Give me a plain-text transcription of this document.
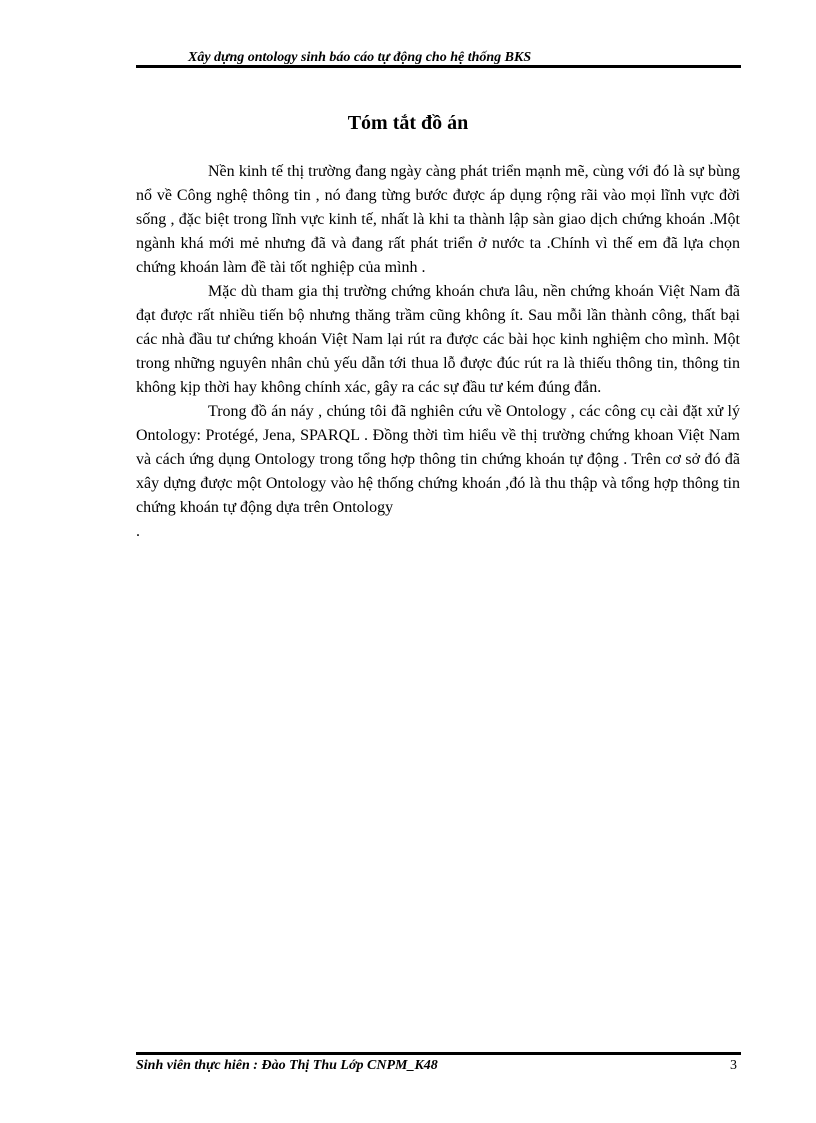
Xây dựng ontology sinh báo cáo tự động cho hệ thống BKS
Tóm tắt đồ án

Nền kinh tế thị trường đang ngày càng phát triển mạnh mẽ, cùng với đó là sự bùng nổ về Công nghệ thông tin , nó đang từng bước được áp dụng rộng rãi vào mọi lĩnh vực đời sống , đặc biệt trong lĩnh vực kinh tế, nhất là khi ta thành lập sàn giao dịch chứng khoán .Một ngành khá mới mẻ nhưng đã và đang rất phát triển ở nước ta .Chính vì thế em đã lựa chọn chứng khoán làm đề tài tốt nghiệp của mình .

Mặc dù tham gia thị trường chứng khoán chưa lâu, nền chứng khoán Việt Nam đã đạt được rất nhiều tiến bộ nhưng thăng trầm cũng không ít. Sau mỗi lần thành công, thất bại các nhà đầu tư chứng khoán Việt Nam lại rút ra được các bài học kinh nghiệm cho mình. Một trong những nguyên nhân chủ yếu dẫn tới thua lỗ được đúc rút ra là thiếu thông tin, thông tin không kịp thời hay không chính xác, gây ra các sự đầu tư kém đúng đắn.

Trong đồ án náy , chúng tôi đã nghiên cứu về Ontology , các công cụ cài đặt xử lý Ontology: Protégé, Jena, SPARQL . Đồng thời tìm hiểu về thị trường chứng khoan Việt Nam và cách ứng dụng Ontology trong tổng hợp thông tin chứng khoán tự động . Trên cơ sở đó đã xây dựng được một Ontology vào hệ thống chứng khoán ,đó là thu thập và tổng hợp thông tin chứng khoán tự động dựa trên Ontology

.

Sinh viên thực hiên : Đào Thị Thu Lớp CNPM_K48	3
